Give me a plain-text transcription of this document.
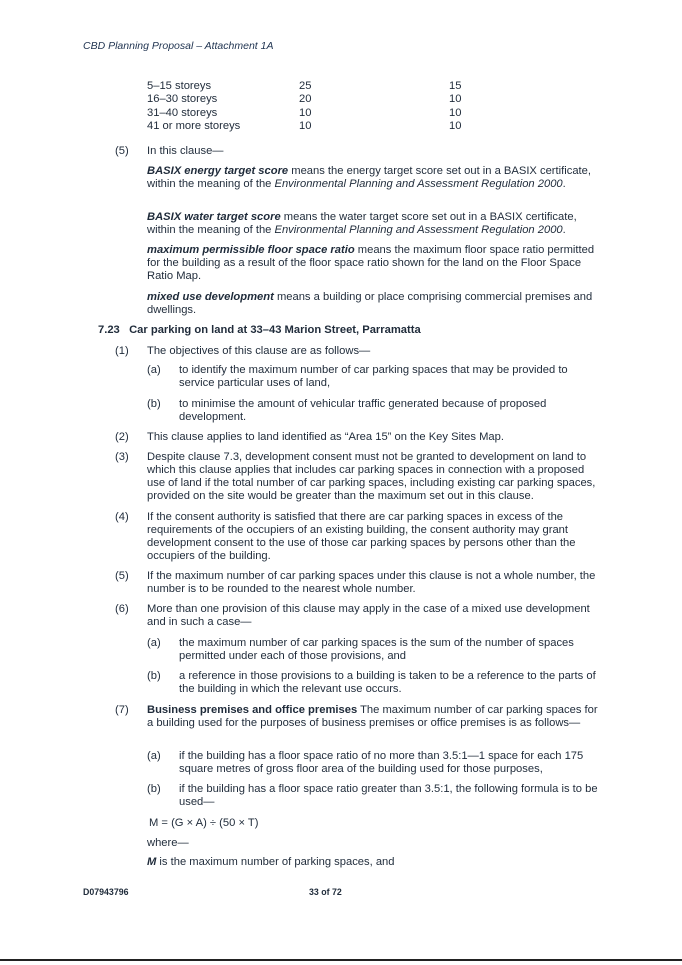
CBD Planning Proposal – Attachment 1A
5–15 storeys	25	15
16–30 storeys	20	10
31–40 storeys	10	10
41 or more storeys	10	10
(5) In this clause—
BASIX energy target score means the energy target score set out in a BASIX certificate, within the meaning of the Environmental Planning and Assessment Regulation 2000.
BASIX water target score means the water target score set out in a BASIX certificate, within the meaning of the Environmental Planning and Assessment Regulation 2000.
maximum permissible floor space ratio means the maximum floor space ratio permitted for the building as a result of the floor space ratio shown for the land on the Floor Space Ratio Map.
mixed use development means a building or place comprising commercial premises and dwellings.
7.23   Car parking on land at 33–43 Marion Street, Parramatta
(1) The objectives of this clause are as follows—
(a) to identify the maximum number of car parking spaces that may be provided to service particular uses of land,
(b) to minimise the amount of vehicular traffic generated because of proposed development.
(2) This clause applies to land identified as “Area 15” on the Key Sites Map.
(3) Despite clause 7.3, development consent must not be granted to development on land to which this clause applies that includes car parking spaces in connection with a proposed use of land if the total number of car parking spaces, including existing car parking spaces, provided on the site would be greater than the maximum set out in this clause.
(4) If the consent authority is satisfied that there are car parking spaces in excess of the requirements of the occupiers of an existing building, the consent authority may grant development consent to the use of those car parking spaces by persons other than the occupiers of the building.
(5) If the maximum number of car parking spaces under this clause is not a whole number, the number is to be rounded to the nearest whole number.
(6) More than one provision of this clause may apply in the case of a mixed use development and in such a case—
(a) the maximum number of car parking spaces is the sum of the number of spaces permitted under each of those provisions, and
(b) a reference in those provisions to a building is taken to be a reference to the parts of the building in which the relevant use occurs.
(7) Business premises and office premises The maximum number of car parking spaces for a building used for the purposes of business premises or office premises is as follows—
(a) if the building has a floor space ratio of no more than 3.5:1—1 space for each 175 square metres of gross floor area of the building used for those purposes,
(b) if the building has a floor space ratio greater than 3.5:1, the following formula is to be used—
M = (G × A) ÷ (50 × T)
where—
M is the maximum number of parking spaces, and
D07943796	33 of 72
